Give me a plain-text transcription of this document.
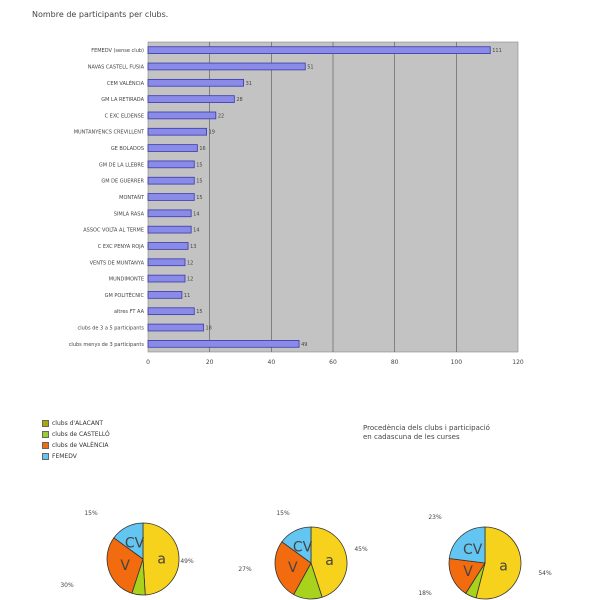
Nombre de participants per clubs.
0	20	40	60	80	100	120
FEMEDV (sense club)	111
NAVAS CASTELL FUSIA	51
CEM VALÈNCIA	31
GM LA RETIRADA	28
C EXC ELDENSE	22
MUNTANYENCS CREVILLENT	19
GE BOLADOS	16
GM DE LA LLEBRE	15
GM DE GUERRER	15
MONTAÑT	15
SIMLA RASA	14
ASSOC VOLTA AL TERME	14
C EXC PENYA ROJA	13
VENTS DE MUNTANYA	12
MUNDIMONTE	12
GM POLITÈCNIC	11
altres FT AA	15
clubs de 3 a 5 participants	18
clubs menys de 3 participants	49
clubs d'ALACANT
clubs de CASTELLÓ
clubs de VALÈNCIA
FEMEDV
Procedència dels clubs i participació
en cadascuna de les curses
a 49%
V
30%
CV
15%
a
45%
V
27%
CV
15%
a	54%
V
18%
CV
23%
